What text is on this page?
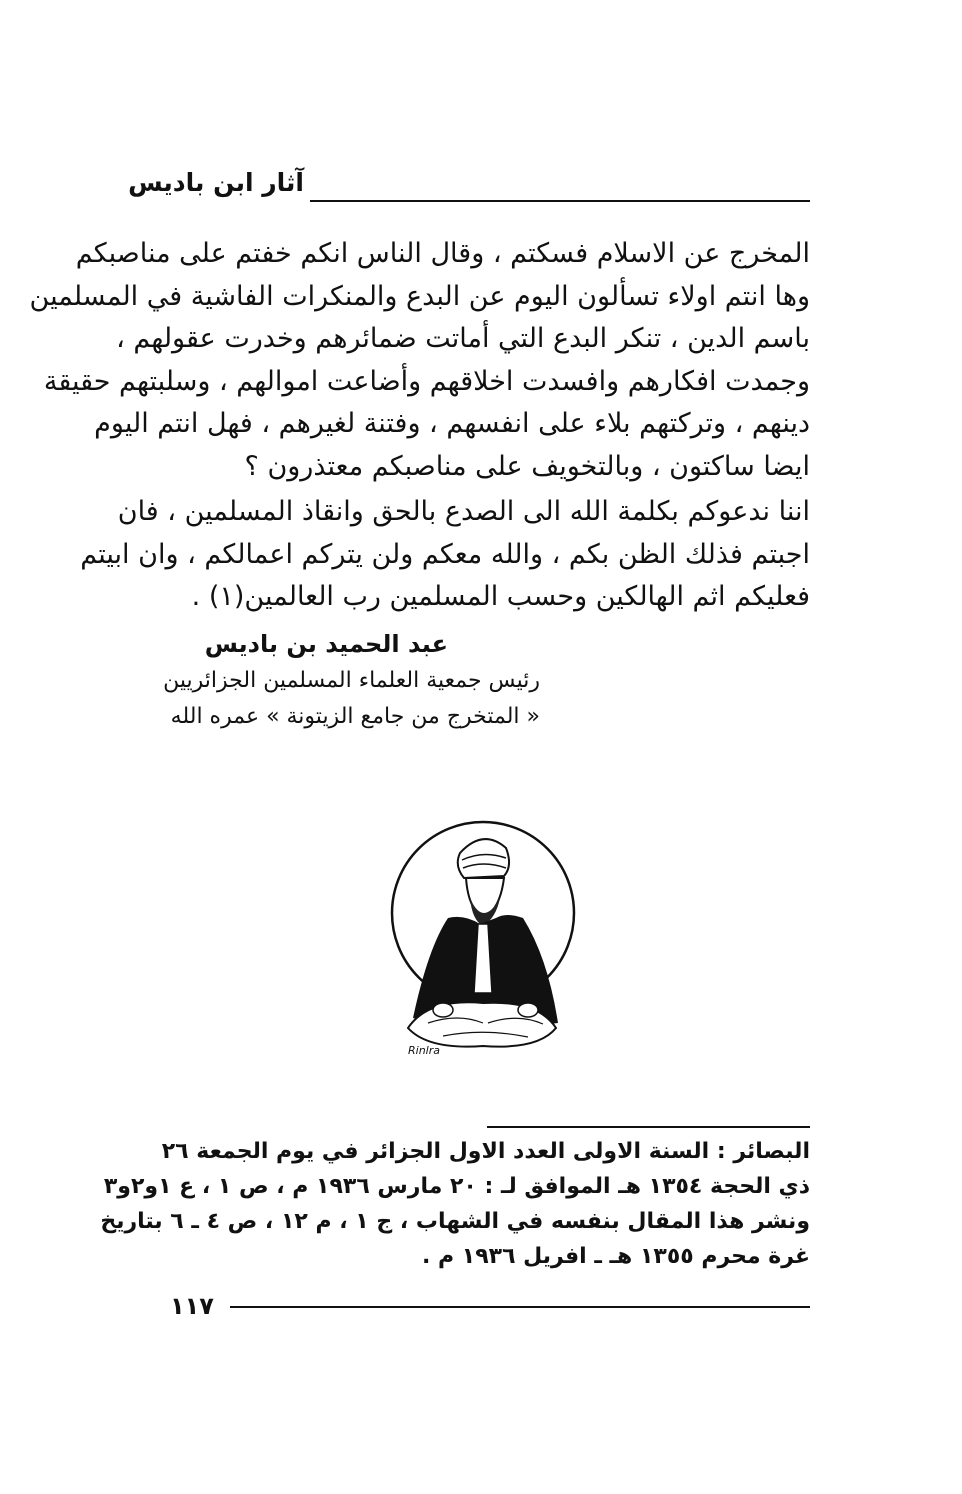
آثار ابن باديس
المخرج عن الاسلام فسكتم ، وقال الناس انكم خفتم على مناصبكم
وها انتم اولاء تسألون اليوم عن البدع والمنكرات الفاشية في المسلمين
باسم الدين ، تنكر البدع التي أماتت ضمائرهم وخدرت عقولهم ،
وجمدت افكارهم وافسدت اخلاقهم وأضاعت اموالهم ، وسلبتهم حقيقة
دينهم ، وتركتهم بلاء على انفسهم ، وفتنة لغيرهم ، فهل انتم اليوم
ايضا ساكتون ، وبالتخويف على مناصبكم معتذرون ؟
اننا ندعوكم بكلمة الله الى الصدع بالحق وانقاذ المسلمين ، فان
اجبتم فذلك الظن بكم ، والله معكم ولن يتركم اعمالكم ، وان ابيتم
فعليكم اثم الهالكين وحسب المسلمين رب العالمين(١) .
عبد الحميد بن باديس
رئيس جمعية العلماء المسلمين الجزائريين
« المتخرج من جامع الزيتونة » عمره الله
Rinlra
البصائر : السنة الاولى العدد الاول الجزائر في يوم الجمعة ٢٦
ذي الحجة ١٣٥٤ هـ الموافق لـ : ٢٠ مارس ١٩٣٦ م ، ص ١ ، ع ١و٢و٣
ونشر هذا المقال بنفسه في الشهاب ، ج ١ ، م ١٢ ، ص ٤ ـ ٦ بتاريخ
غرة محرم ١٣٥٥ هـ ـ افريل ١٩٣٦ م .
١١٧
